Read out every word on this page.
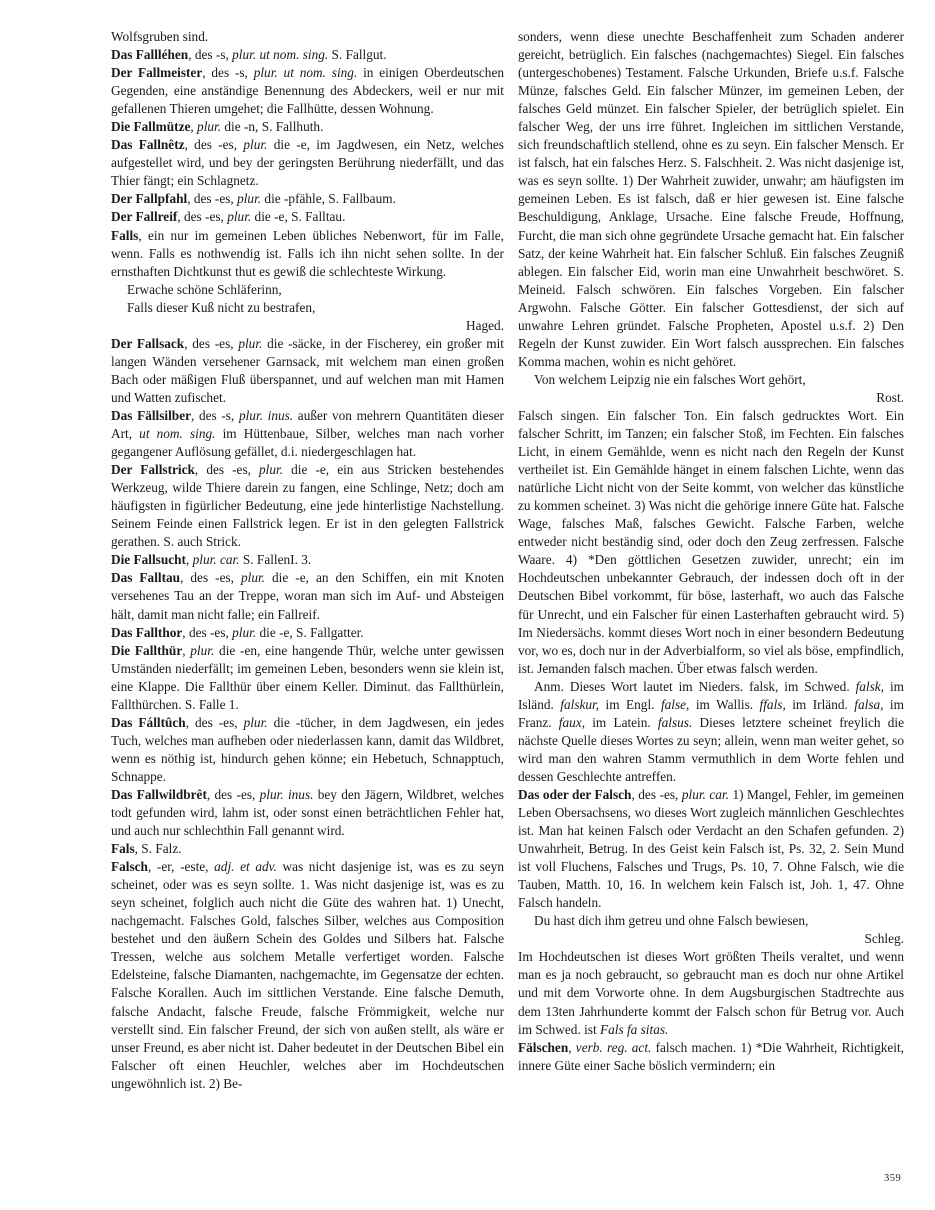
Wolfsgruben sind.
Das Fallléhen, des -s, plur. ut nom. sing. S. Fallgut.
Der Fallmeister, des -s, plur. ut nom. sing. in einigen Oberdeutschen Gegenden, eine anständige Benennung des Abdeckers, weil er nur mit gefallenen Thieren umgehet; die Fallhütte, dessen Wohnung.
Die Fallmütze, plur. die -n, S. Fallhuth.
Das Fallnêtz, des -es, plur. die -e, im Jagdwesen, ein Netz, welches aufgestellet wird, und bey der geringsten Berührung niederfällt, und das Thier fängt; ein Schlagnetz.
Der Fallpfahl, des -es, plur. die -pfähle, S. Fallbaum.
Der Fallreif, des -es, plur. die -e, S. Falltau.
Falls, ein nur im gemeinen Leben übliches Nebenwort, für im Falle, wenn. Falls es nothwendig ist. Falls ich ihn nicht sehen sollte. In der ernsthaften Dichtkunst thut es gewiß die schlechteste Wirkung.
Erwache schöne Schläferinn,
Falls dieser Kuß nicht zu bestrafen,
Haged.
Der Fallsack, des -es, plur. die -säcke, in der Fischerey, ein großer mit langen Wänden versehener Garnsack, mit welchem man einen großen Bach oder mäßigen Fluß überspannet, und auf welchen man mit Hamen und Watten zufischet.
Das Fällsilber, des -s, plur. inus. außer von mehrern Quantitäten dieser Art, ut nom. sing. im Hüttenbaue, Silber, welches man nach vorher gegangener Auflösung gefället, d.i. niedergeschlagen hat.
Der Fallstrick, des -es, plur. die -e, ein aus Stricken bestehendes Werkzeug, wilde Thiere darein zu fangen, eine Schlinge, Netz; doch am häufigsten in figürlicher Bedeutung, eine jede hinterlistige Nachstellung. Seinem Feinde einen Fallstrick legen. Er ist in den gelegten Fallstrick gerathen. S. auch Strick.
Die Fallsucht, plur. car. S. FallenI. 3.
Das Falltau, des -es, plur. die -e, an den Schiffen, ein mit Knoten versehenes Tau an der Treppe, woran man sich im Auf- und Absteigen hält, damit man nicht falle; ein Fallreif.
Das Fallthor, des -es, plur. die -e, S. Fallgatter.
Die Fallthür, plur. die -en, eine hangende Thür, welche unter gewissen Umständen niederfällt; im gemeinen Leben, besonders wenn sie klein ist, eine Klappe. Die Fallthür über einem Keller. Diminut. das Fallthürlein, Fallthürchen. S. Falle 1.
Das Fálltûch, des -es, plur. die -tücher, in dem Jagdwesen, ein jedes Tuch, welches man aufheben oder niederlassen kann, damit das Wildbret, wenn es nöthig ist, hindurch gehen könne; ein Hebetuch, Schnapptuch, Schnappe.
Das Fallwildbrêt, des -es, plur. inus. bey den Jägern, Wildbret, welches todt gefunden wird, lahm ist, oder sonst einen beträchtlichen Fehler hat, und auch nur schlechthin Fall genannt wird.
Fals, S. Falz.
Falsch, -er, -este, adj. et adv. was nicht dasjenige ist, was es zu seyn scheinet, oder was es seyn sollte. 1. Was nicht dasjenige ist, was es zu seyn scheinet, folglich auch nicht die Güte des wahren hat. 1) Unecht, nachgemacht. Falsches Gold, falsches Silber, welches aus Composition bestehet und den äußern Schein des Goldes und Silbers hat. Falsche Tressen, welche aus solchem Metalle verfertiget worden. Falsche Edelsteine, falsche Diamanten, nachgemachte, im Gegensatze der echten. Falsche Korallen. Auch im sittlichen Verstande. Eine falsche Demuth, falsche Andacht, falsche Freude, falsche Frömmigkeit, welche nur verstellt sind. Ein falscher Freund, der sich von außen stellt, als wäre er unser Freund, es aber nicht ist. Daher bedeutet in der Deutschen Bibel ein Falscher oft einen Heuchler, welches aber im Hochdeutschen ungewöhnlich ist. 2) Be-
sonders, wenn diese unechte Beschaffenheit zum Schaden anderer gereicht, betrüglich. Ein falsches (nachgemachtes) Siegel. Ein falsches (untergeschobenes) Testament. Falsche Urkunden, Briefe u.s.f. Falsche Münze, falsches Geld. Ein falscher Münzer, im gemeinen Leben, der falsches Geld münzet. Ein falscher Spieler, der betrüglich spielet. Ein falscher Weg, der uns irre führet. Ingleichen im sittlichen Verstande, sich freundschaftlich stellend, ohne es zu seyn. Ein falscher Mensch. Er ist falsch, hat ein falsches Herz. S. Falschheit. 2. Was nicht dasjenige ist, was es seyn sollte. 1) Der Wahrheit zuwider, unwahr; am häufigsten im gemeinen Leben. Es ist falsch, daß er hier gewesen ist. Eine falsche Beschuldigung, Anklage, Ursache. Eine falsche Freude, Hoffnung, Furcht, die man sich ohne gegründete Ursache gemacht hat. Ein falscher Satz, der keine Wahrheit hat. Ein falscher Schluß. Ein falsches Zeugniß ablegen. Ein falscher Eid, worin man eine Unwahrheit beschwöret. S. Meineid. Falsch schwören. Ein falsches Vorgeben. Ein falscher Argwohn. Falsche Götter. Ein falscher Gottesdienst, der sich auf unwahre Lehren gründet. Falsche Propheten, Apostel u.s.f. 2) Den Regeln der Kunst zuwider. Ein Wort falsch aussprechen. Ein falsches Komma machen, wohin es nicht gehöret.
Von welchem Leipzig nie ein falsches Wort gehört,
Rost.
Falsch singen. Ein falscher Ton. Ein falsch gedrucktes Wort. Ein falscher Schritt, im Tanzen; ein falscher Stoß, im Fechten. Ein falsches Licht, in einem Gemählde, wenn es nicht nach den Regeln der Kunst vertheilet ist. Ein Gemählde hänget in einem falschen Lichte, wenn das natürliche Licht nicht von der Seite kommt, von welcher das künstliche zu kommen scheinet. 3) Was nicht die gehörige innere Güte hat. Falsche Wage, falsches Maß, falsches Gewicht. Falsche Farben, welche entweder nicht beständig sind, oder doch den Zeug zerfressen. Falsche Waare. 4) *Den göttlichen Gesetzen zuwider, unrecht; ein im Hochdeutschen unbekannter Gebrauch, der indessen doch oft in der Deutschen Bibel vorkommt, für böse, lasterhaft, wo auch das Falsche für Unrecht, und ein Falscher für einen Lasterhaften gebraucht wird. 5) Im Niedersächs. kommt dieses Wort noch in einer besondern Bedeutung vor, wo es, doch nur in der Adverbialform, so viel als böse, empfindlich, ist. Jemanden falsch machen. Über etwas falsch werden.
Anm. Dieses Wort lautet im Nieders. falsk, im Schwed. falsk, im Isländ. falskur, im Engl. false, im Wallis. ffals, im Irländ. falsa, im Franz. faux, im Latein. falsus. Dieses letztere scheinet freylich die nächste Quelle dieses Wortes zu seyn; allein, wenn man weiter gehet, so wird man den wahren Stamm vermuthlich in dem Worte fehlen und dessen Geschlechte antreffen.
Das oder der Falsch, des -es, plur. car. 1) Mangel, Fehler, im gemeinen Leben Obersachsens, wo dieses Wort zugleich männlichen Geschlechtes ist. Man hat keinen Falsch oder Verdacht an den Schafen gefunden. 2) Unwahrheit, Betrug. In des Geist kein Falsch ist, Ps. 32, 2. Sein Mund ist voll Fluchens, Falsches und Trugs, Ps. 10, 7. Ohne Falsch, wie die Tauben, Matth. 10, 16. In welchem kein Falsch ist, Joh. 1, 47. Ohne Falsch handeln.
Du hast dich ihm getreu und ohne Falsch bewiesen,
Schleg.
Im Hochdeutschen ist dieses Wort größten Theils veraltet, und wenn man es ja noch gebraucht, so gebraucht man es doch nur ohne Artikel und mit dem Vorworte ohne. In dem Augsburgischen Stadtrechte aus dem 13ten Jahrhunderte kommt der Falsch schon für Betrug vor. Auch im Schwed. ist Fals fa sitas.
Fälschen, verb. reg. act. falsch machen. 1) *Die Wahrheit, Richtigkeit, innere Güte einer Sache böslich vermindern; ein
359
